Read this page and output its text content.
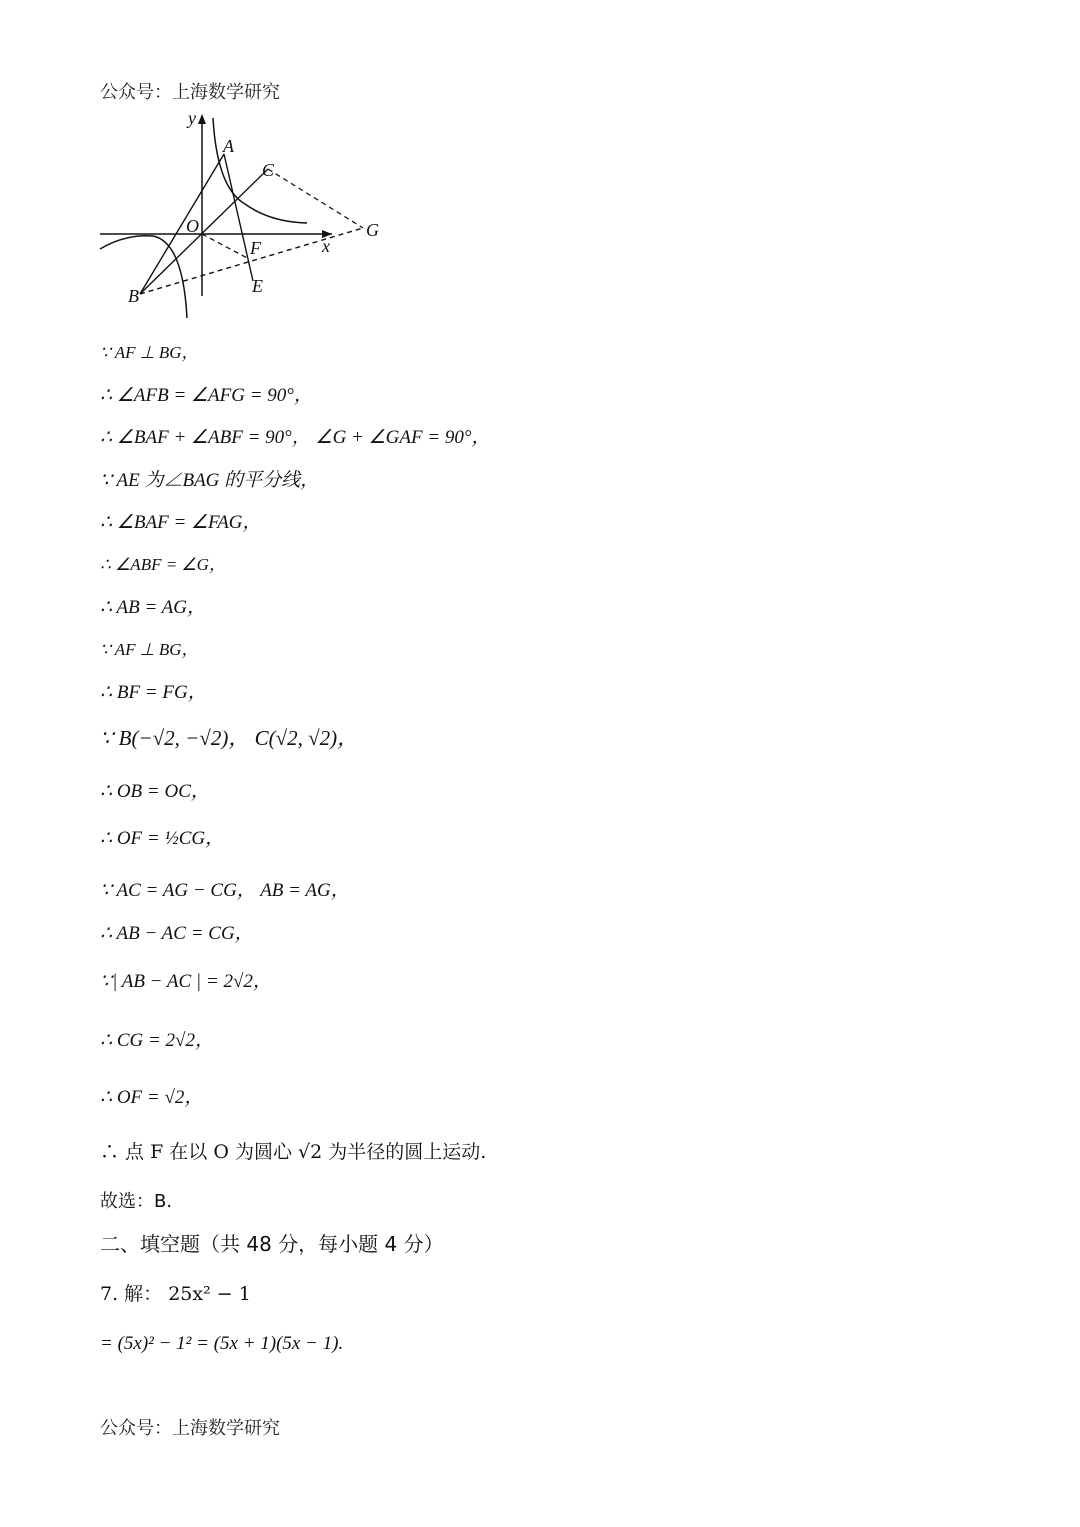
公众号：上海数学研究
y
A
C
O	G
F	x
E
B
∵ AF ⊥ BG，
∴ ∠AFB = ∠AFG = 90°，
∴ ∠BAF + ∠ABF = 90°， ∠G + ∠GAF = 90°，
∵ AE 为∠BAG 的平分线，
∴ ∠BAF = ∠FAG，
∴ ∠ABF = ∠G，
∴ AB = AG，
∵ AF ⊥ BG，
∴ BF = FG，
∵ B(−√2, −√2)， C(√2, √2)，
∴ OB = OC，
∴ OF = ½CG，
∵ AC = AG − CG， AB = AG，
∴ AB − AC = CG，
∵| AB − AC | = 2√2，
∴ CG = 2√2，
∴ OF = √2，
∴ 点 F 在以 O 为圆心 √2 为半径的圆上运动.
故选：B.
二、填空题（共 48 分，每小题 4 分）
7. 解： 25x² − 1
= (5x)² − 1² = (5x + 1)(5x − 1).
公众号：上海数学研究
